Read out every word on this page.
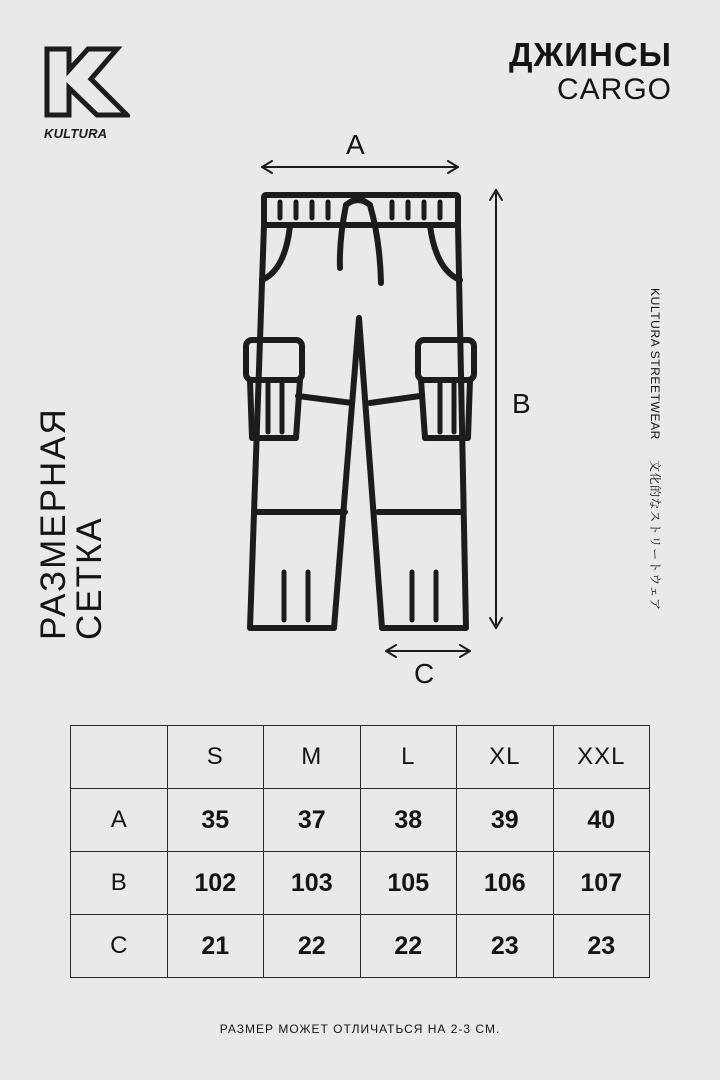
KULTURA
ДЖИНСЫ
CARGO
РАЗМЕРНАЯ
СЕТКА
KULTURA STREETWEAR 文化的なストリートウェア
A
B
C
	S	M	L	XL	XXL
A	35	37	38	39	40
B	102	103	105	106	107
C	21	22	22	23	23
РАЗМЕР МОЖЕТ ОТЛИЧАТЬСЯ НА 2-3 СМ.
